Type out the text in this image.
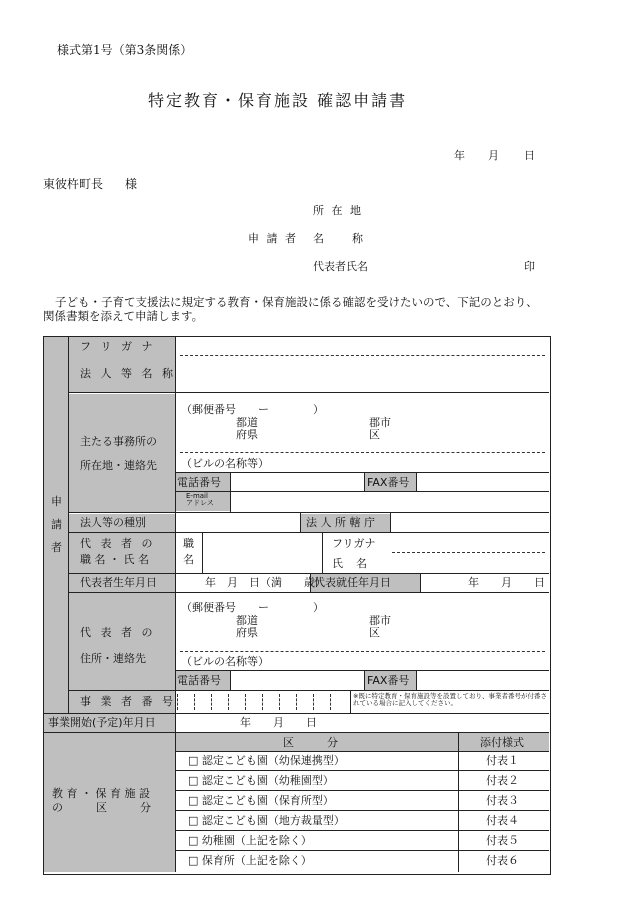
様式第1号（第3条関係）
特定教育・保育施設 確認申請書
年 月 日
東彼杵町長 様
所 在 地
申 請 者 名　　称
代表者氏名	印
子ども・子育て支援法に規定する教育・保育施設に係る確認を受けたいので、下記のとおり、関係書類を添えて申請します。
申
請
者
フ リ ガ ナ
法 人 等 名 称
主たる事務所の
所在地・連絡先
（郵便番号　　ー　　　　）
都道
府県
郡市
区
（ビルの名称等）
電話番号	FAX番号
E-mail
アドレス
法人等の種別	法 人 所 轄 庁
代 表 者 の
職 名 ・ 氏 名
職
名
フリガナ
氏 名
代表者生年月日	年　月　日（満　　歳）
代表就任年月日	年　　月　　日
代 表 者 の
住所・連絡先
（郵便番号　　ー　　　　）
都道
府県
郡市
区
（ビルの名称等）
電話番号	FAX番号
事 業 者 番 号	※既に特定教育・保育施設等を設置しており、事業者番号が付番されている場合に記入してください。
事業開始(予定)年月日	年　　月　　日
教 育 ・ 保 育 施 設
の　　　区　　　分
区　　　分	添付様式
□ 認定こども園（幼保連携型）	付表１
□ 認定こども園（幼稚園型）	付表２
□ 認定こども園（保育所型）	付表３
□ 認定こども園（地方裁量型）	付表４
□ 幼稚園（上記を除く）	付表５
□ 保育所（上記を除く）	付表６
